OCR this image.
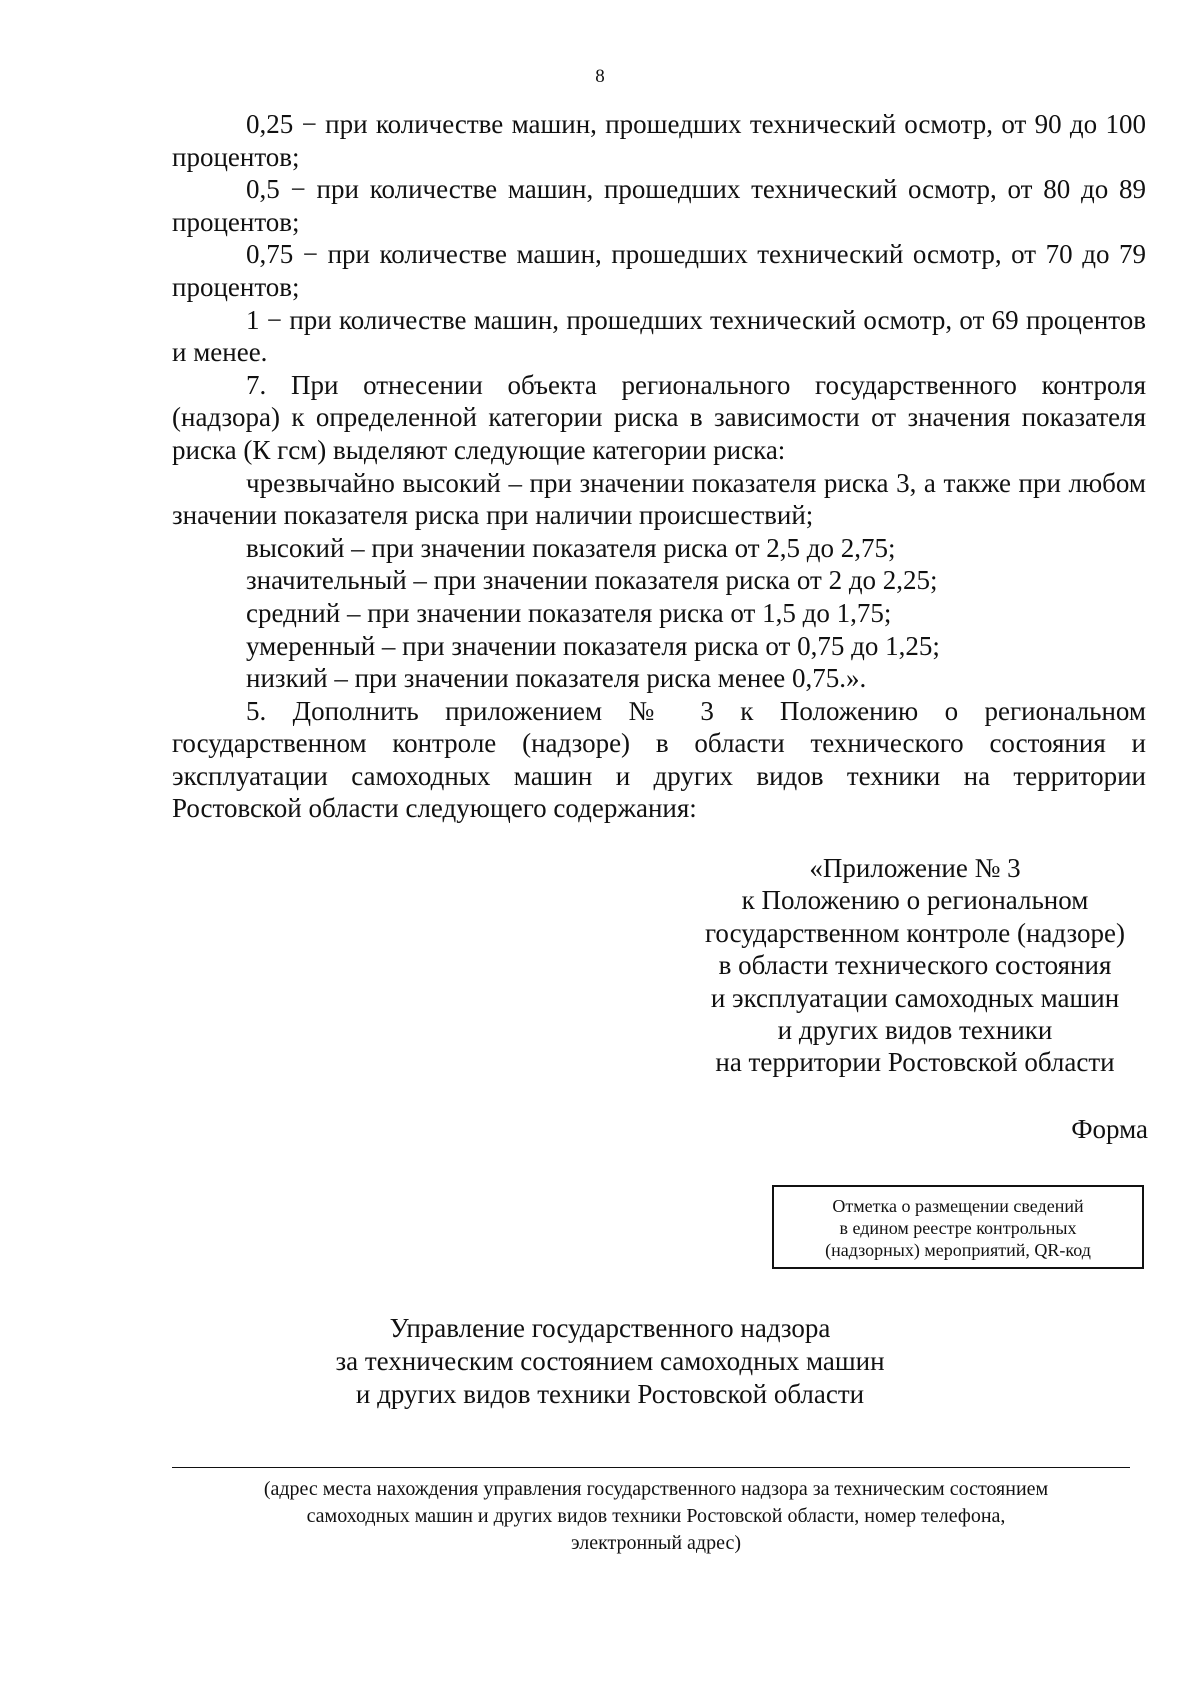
8

0,25 − при количестве машин, прошедших технический осмотр, от 90 до 100 процентов;

0,5 − при количестве машин, прошедших технический осмотр, от 80 до 89 процентов;

0,75 − при количестве машин, прошедших технический осмотр, от 70 до 79 процентов;

1 − при количестве машин, прошедших технический осмотр, от 69 процентов и менее.

7. При отнесении объекта регионального государственного контроля (надзора) к определенной категории риска в зависимости от значения показателя риска (К гсм) выделяют следующие категории риска:

чрезвычайно высокий – при значении показателя риска 3, а также при любом значении показателя риска при наличии происшествий;

высокий – при значении показателя риска от 2,5 до 2,75;

значительный – при значении показателя риска от 2 до 2,25;

средний – при значении показателя риска от 1,5 до 1,75;

умеренный – при значении показателя риска от 0,75 до 1,25;

низкий – при значении показателя риска менее 0,75.».

5. Дополнить приложением № 3 к Положению о региональном государственном контроле (надзоре) в области технического состояния и эксплуатации самоходных машин и других видов техники на территории Ростовской области следующего содержания:

«Приложение № 3
к Положению о региональном
государственном контроле (надзоре)
в области технического состояния
и эксплуатации самоходных машин
и других видов техники
на территории Ростовской области
Форма
Отметка о размещении сведений
в едином реестре контрольных
(надзорных) мероприятий, QR-код
Управление государственного надзора
за техническим состоянием самоходных машин
и других видов техники Ростовской области
(адрес места нахождения управления государственного надзора за техническим состоянием
самоходных машин и других видов техники Ростовской области, номер телефона,
электронный адрес)
